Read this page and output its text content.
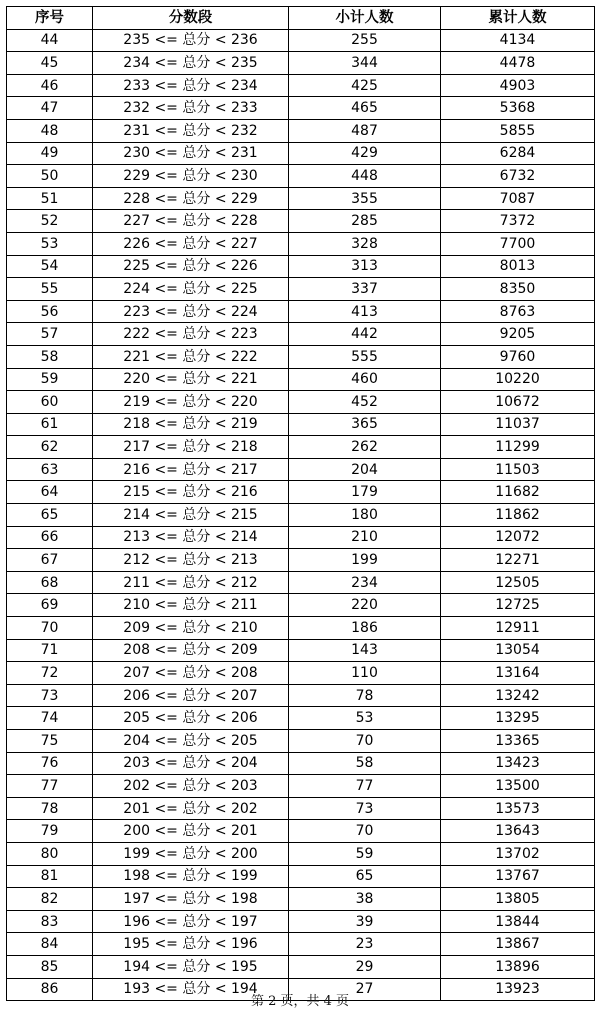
序号	分数段	小计人数	累计人数
44	235 <= 总分 < 236	255	4134
45	234 <= 总分 < 235	344	4478
46	233 <= 总分 < 234	425	4903
47	232 <= 总分 < 233	465	5368
48	231 <= 总分 < 232	487	5855
49	230 <= 总分 < 231	429	6284
50	229 <= 总分 < 230	448	6732
51	228 <= 总分 < 229	355	7087
52	227 <= 总分 < 228	285	7372
53	226 <= 总分 < 227	328	7700
54	225 <= 总分 < 226	313	8013
55	224 <= 总分 < 225	337	8350
56	223 <= 总分 < 224	413	8763
57	222 <= 总分 < 223	442	9205
58	221 <= 总分 < 222	555	9760
59	220 <= 总分 < 221	460	10220
60	219 <= 总分 < 220	452	10672
61	218 <= 总分 < 219	365	11037
62	217 <= 总分 < 218	262	11299
63	216 <= 总分 < 217	204	11503
64	215 <= 总分 < 216	179	11682
65	214 <= 总分 < 215	180	11862
66	213 <= 总分 < 214	210	12072
67	212 <= 总分 < 213	199	12271
68	211 <= 总分 < 212	234	12505
69	210 <= 总分 < 211	220	12725
70	209 <= 总分 < 210	186	12911
71	208 <= 总分 < 209	143	13054
72	207 <= 总分 < 208	110	13164
73	206 <= 总分 < 207	78	13242
74	205 <= 总分 < 206	53	13295
75	204 <= 总分 < 205	70	13365
76	203 <= 总分 < 204	58	13423
77	202 <= 总分 < 203	77	13500
78	201 <= 总分 < 202	73	13573
79	200 <= 总分 < 201	70	13643
80	199 <= 总分 < 200	59	13702
81	198 <= 总分 < 199	65	13767
82	197 <= 总分 < 198	38	13805
83	196 <= 总分 < 197	39	13844
84	195 <= 总分 < 196	23	13867
85	194 <= 总分 < 195	29	13896
86	193 <= 总分 < 194	27	13923
第 2 页，共 4 页
